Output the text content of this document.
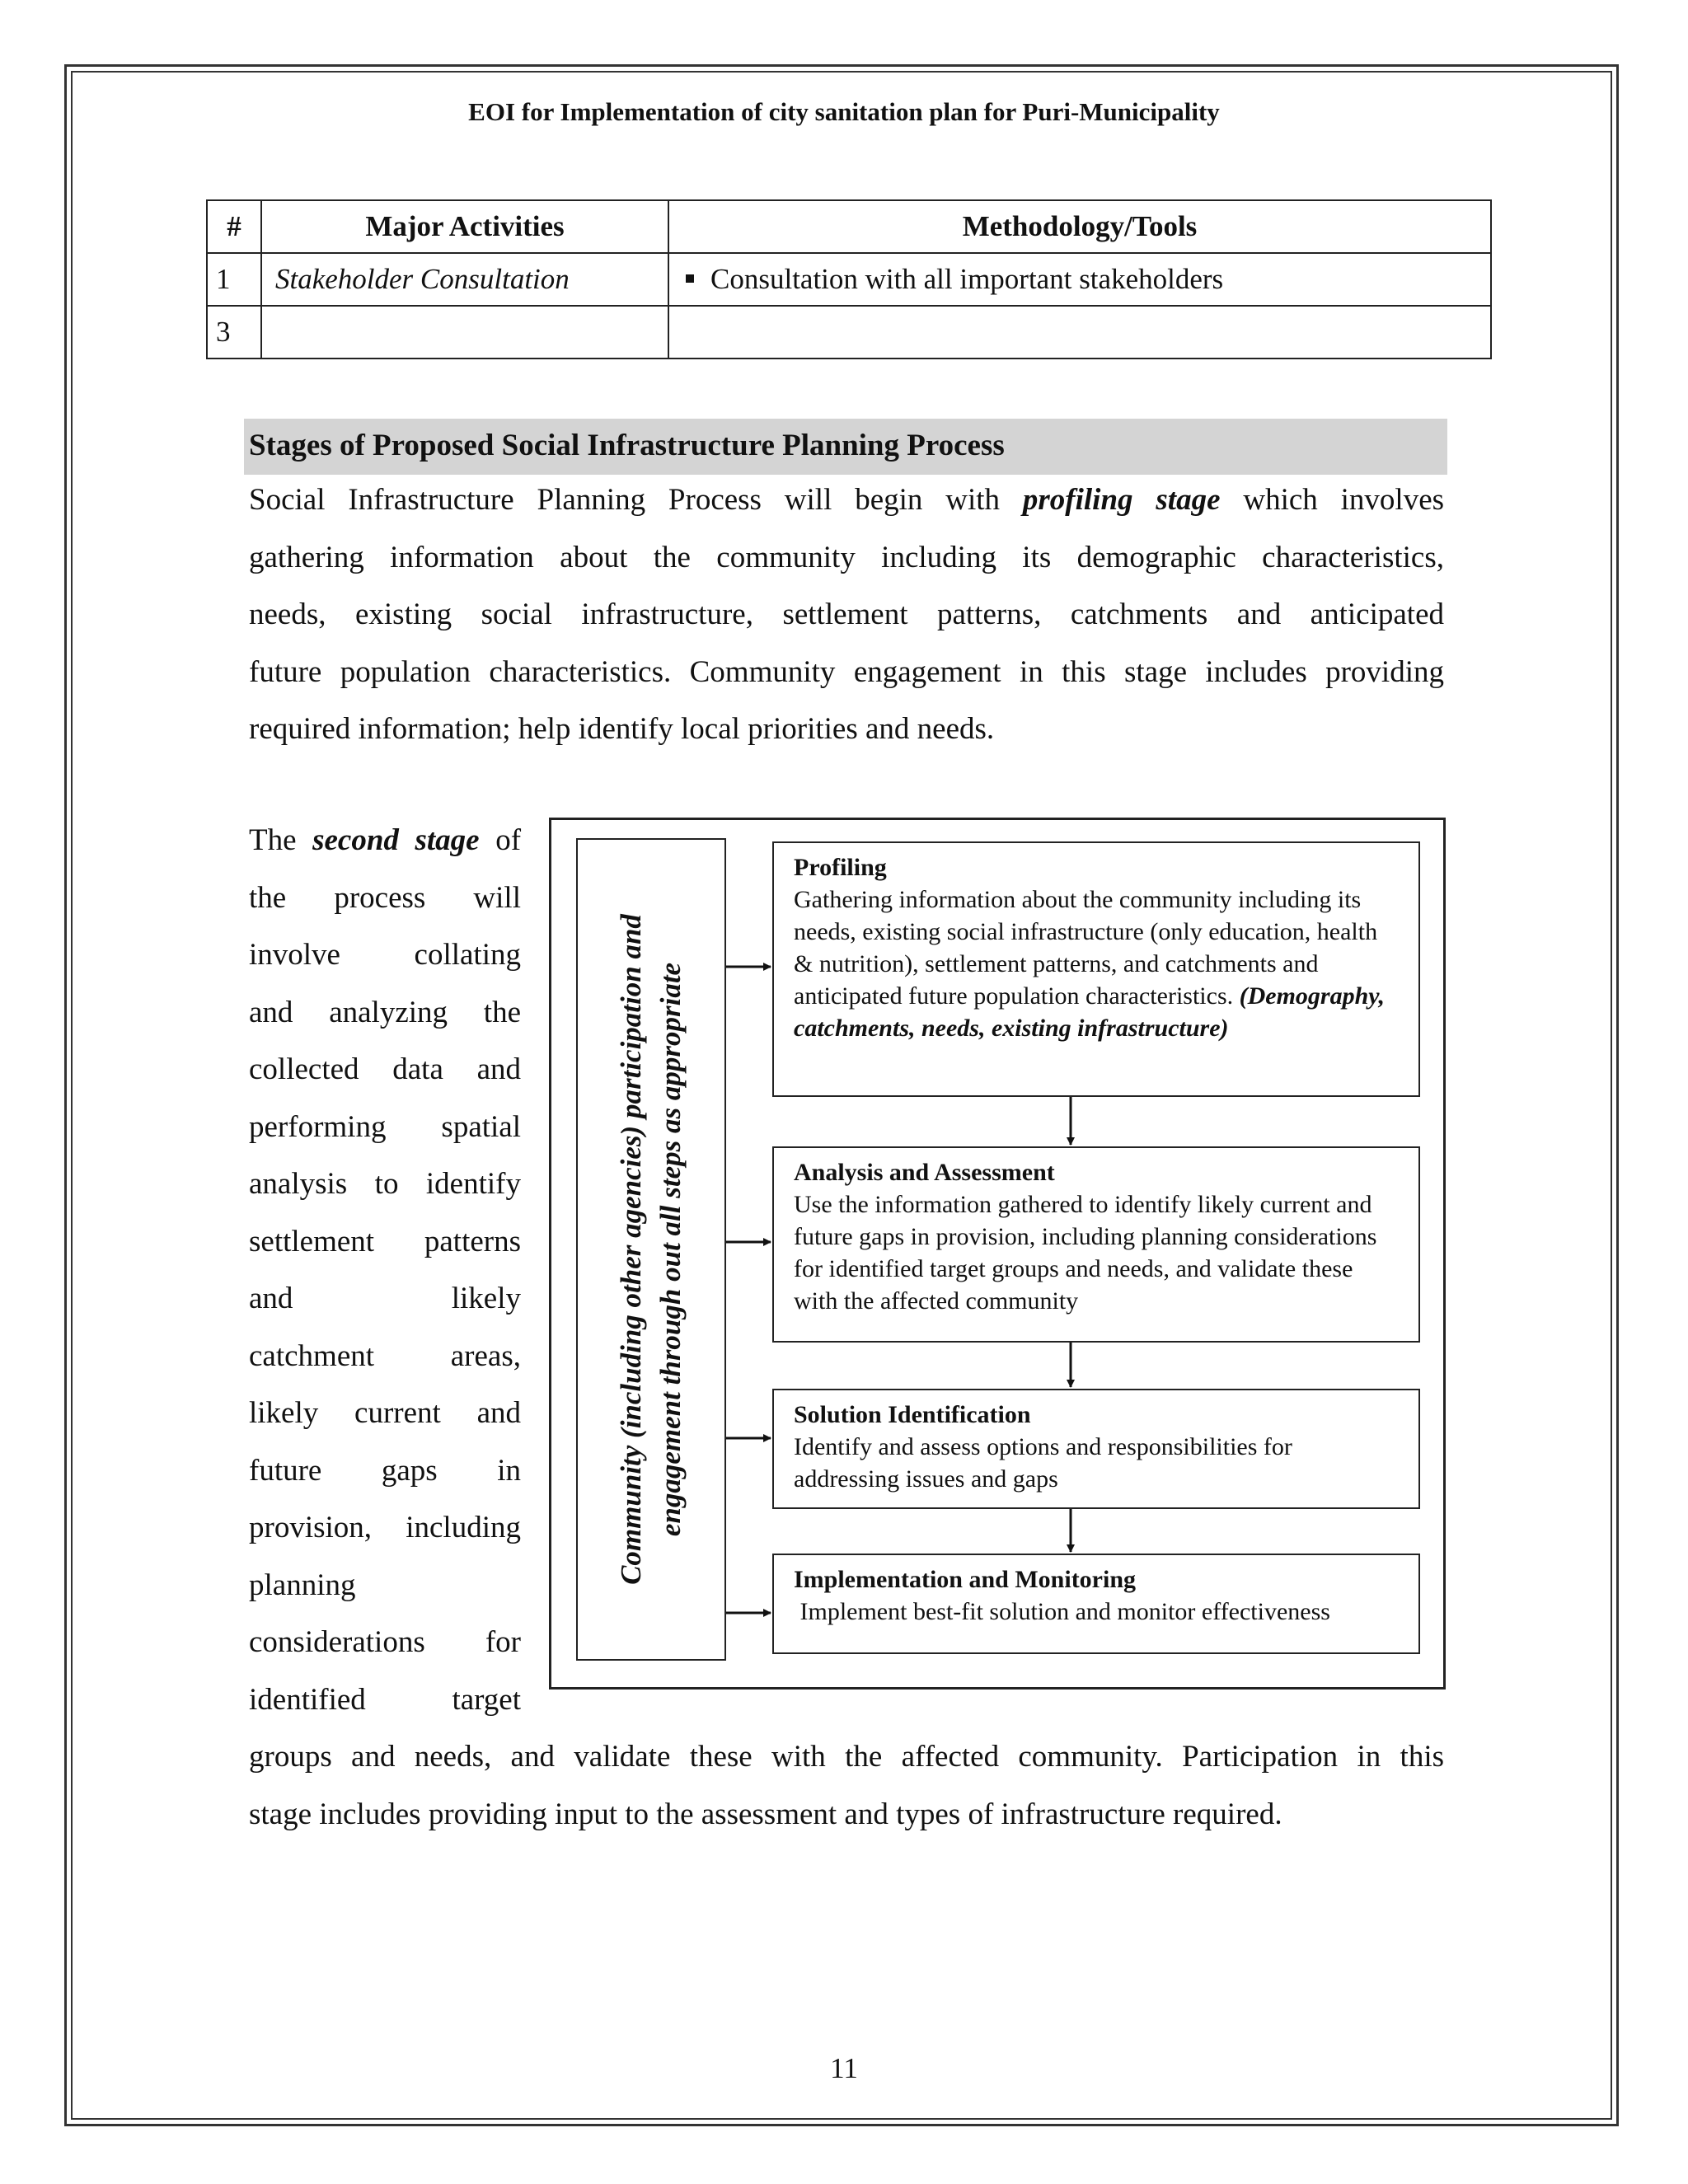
EOI for Implementation of city sanitation plan for Puri-Municipality
#	Major Activities	Methodology/Tools
1	Stakeholder Consultation	Consultation with all important stakeholders
3		
Stages of Proposed Social Infrastructure Planning Process

Social Infrastructure Planning Process will begin with profiling stage which involves
gathering information about the community including its demographic characteristics,
needs, existing social infrastructure, settlement patterns, catchments and anticipated
future population characteristics. Community engagement in this stage includes providing
required information; help identify local priorities and needs.

The second stage of
the process will
involve collating
and analyzing the
collected data and
performing spatial
analysis to identify
settlement patterns
and likely
catchment areas,
likely current and
future gaps in
provision, including
planning
considerations for
identified target

Community (including other agencies) participation and engagement through out all steps as appropriate
Profiling
Gathering information about the community including its needs, existing social infrastructure (only education, health & nutrition), settlement patterns, and catchments and anticipated future population characteristics. (Demography, catchments, needs, existing infrastructure)
Analysis and Assessment
Use the information gathered to identify likely current and future gaps in provision, including planning considerations for identified target groups and needs, and validate these with the affected community
Solution Identification
Identify and assess options and responsibilities for addressing issues and gaps
Implementation and Monitoring
Implement best-fit solution and monitor effectiveness

groups and needs, and validate these with the affected community. Participation in this
stage includes providing input to the assessment and types of infrastructure required.

11
